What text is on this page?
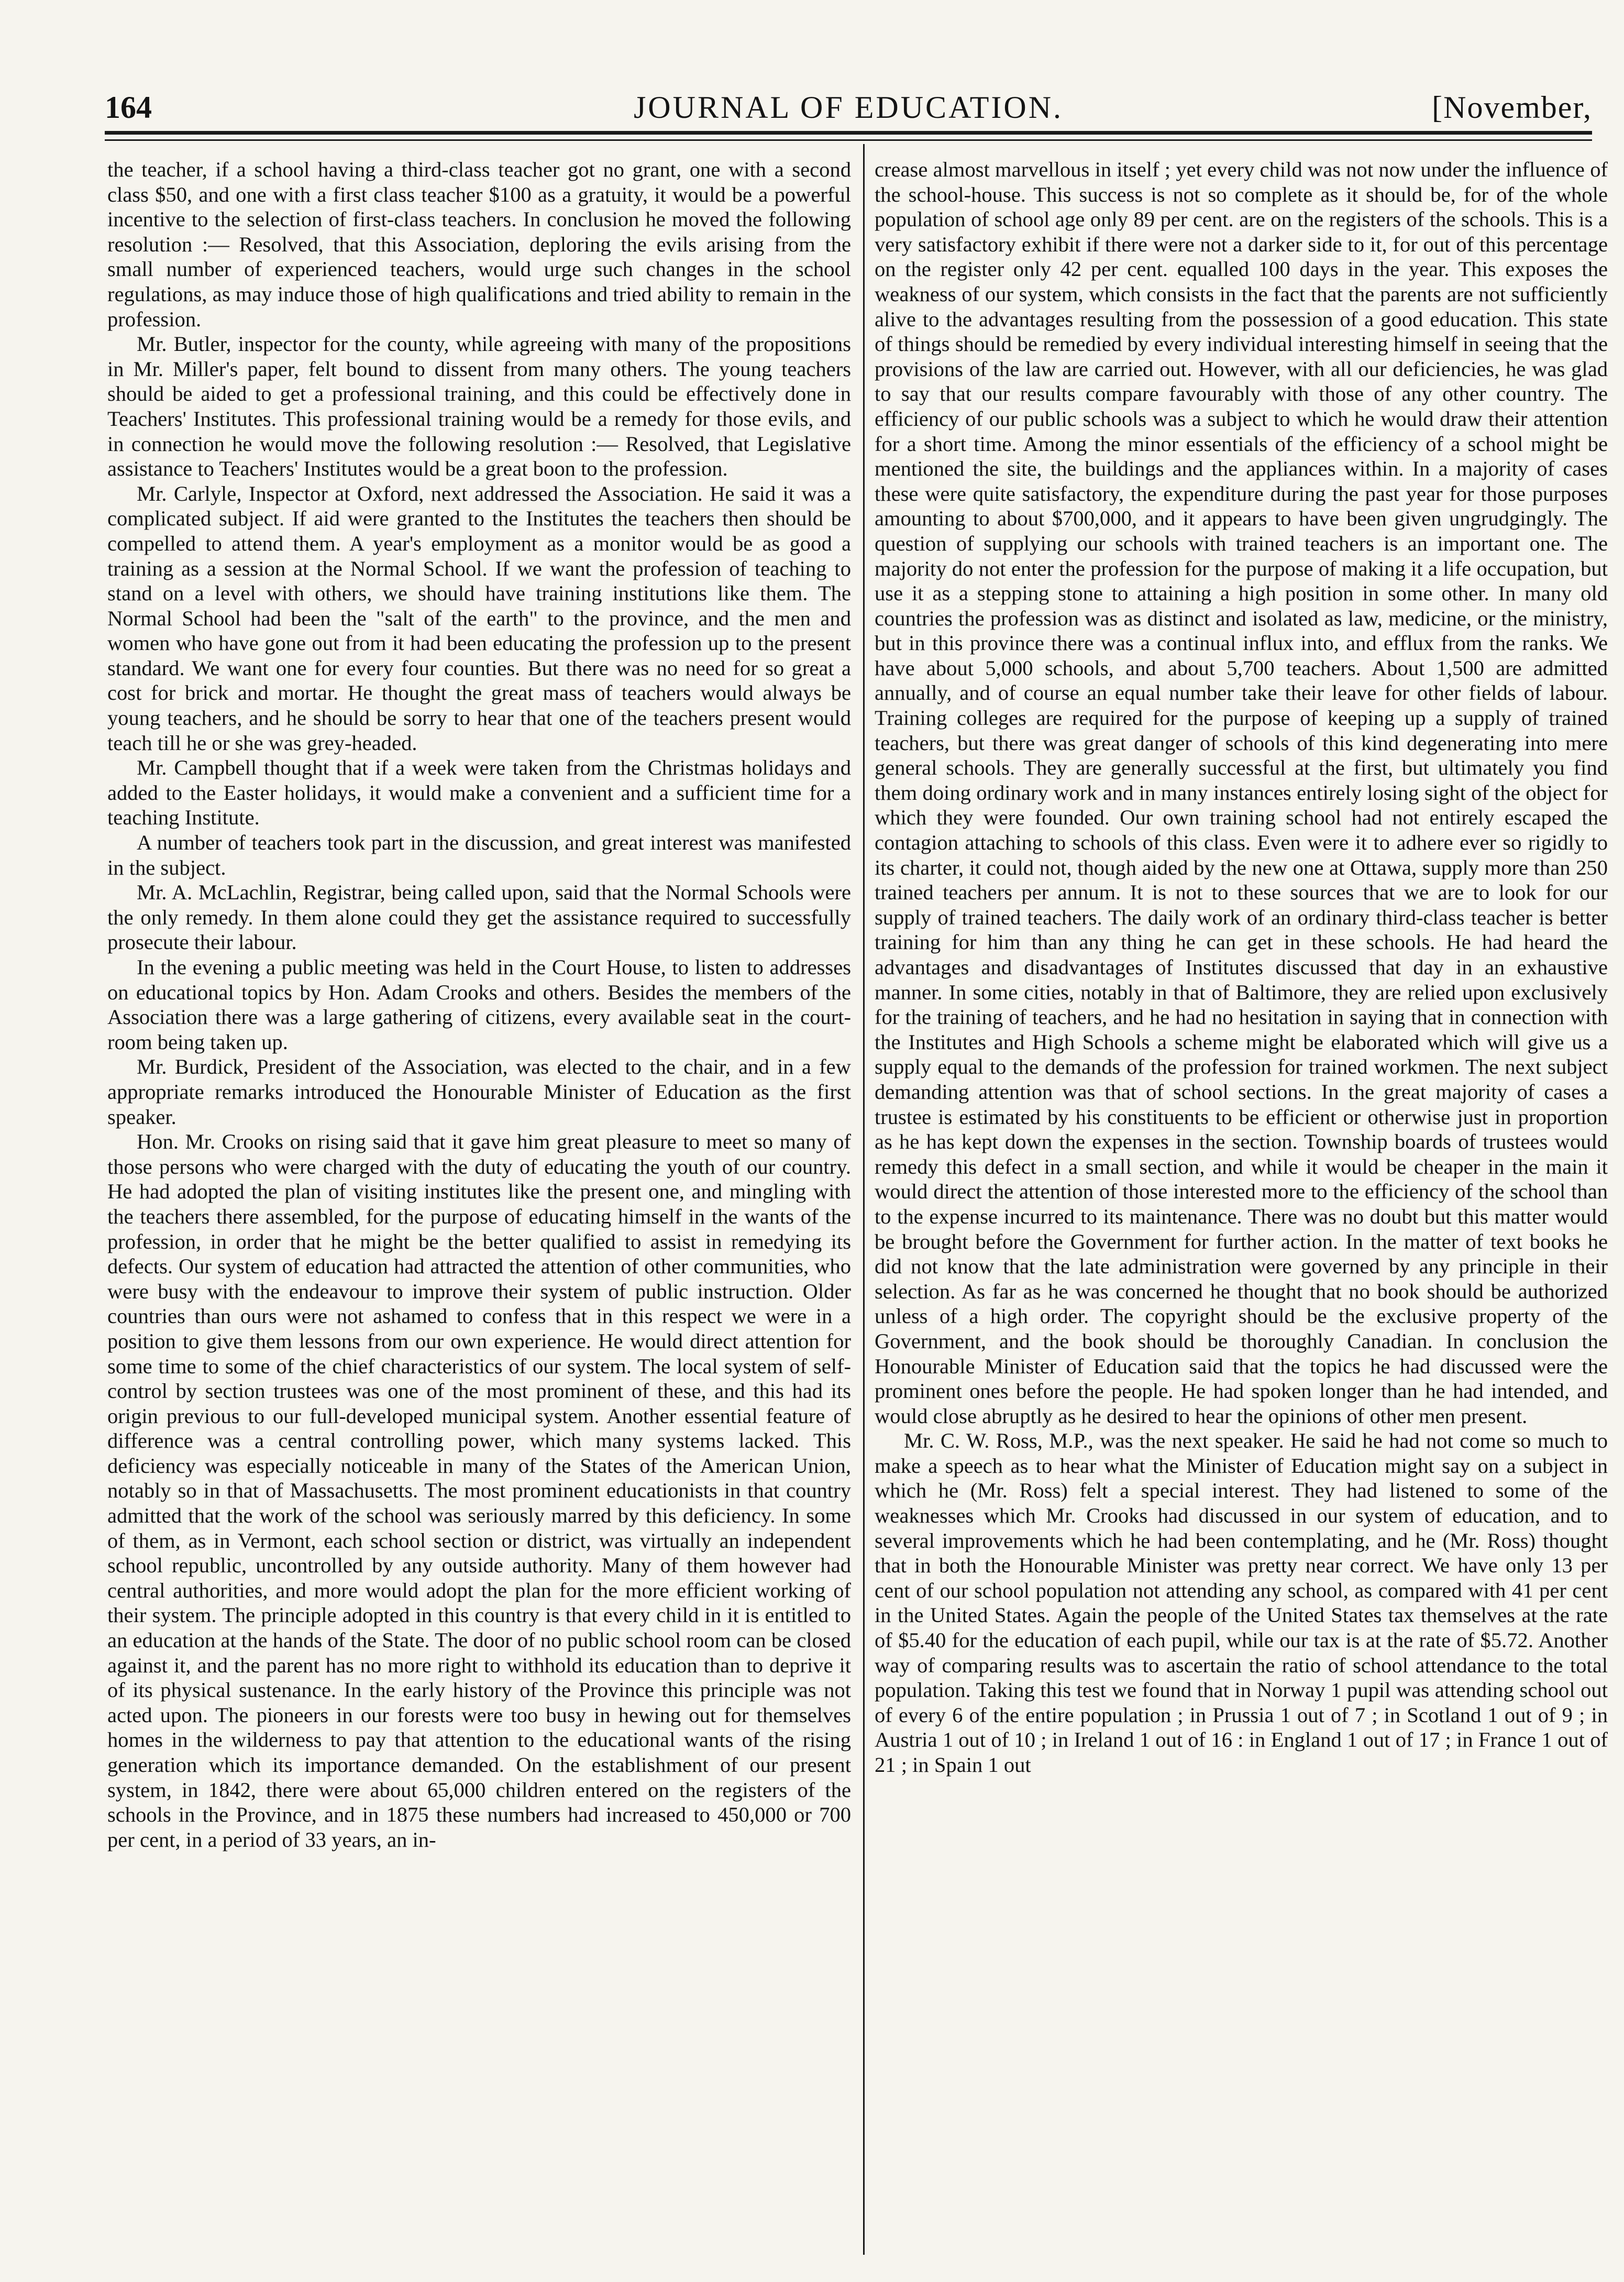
164	JOURNAL OF EDUCATION.	[November,

the teacher, if a school having a third-class teacher got no grant, one with a second class $50, and one with a first class teacher $100 as a gratuity, it would be a powerful incentive to the selection of first-class teachers. In conclusion he moved the following resolution :— Resolved, that this Association, deploring the evils arising from the small number of experienced teachers, would urge such changes in the school regulations, as may induce those of high qualifications and tried ability to remain in the profession.

Mr. Butler, inspector for the county, while agreeing with many of the propositions in Mr. Miller's paper, felt bound to dissent from many others. The young teachers should be aided to get a professional training, and this could be effectively done in Teachers' Institutes. This professional training would be a remedy for those evils, and in connection he would move the following resolution :— Resolved, that Legislative assistance to Teachers' Institutes would be a great boon to the profession.

Mr. Carlyle, Inspector at Oxford, next addressed the Association. He said it was a complicated subject. If aid were granted to the Institutes the teachers then should be compelled to attend them. A year's employment as a monitor would be as good a training as a session at the Normal School. If we want the profession of teaching to stand on a level with others, we should have training institutions like them. The Normal School had been the "salt of the earth" to the province, and the men and women who have gone out from it had been educating the profession up to the present standard. We want one for every four counties. But there was no need for so great a cost for brick and mortar. He thought the great mass of teachers would always be young teachers, and he should be sorry to hear that one of the teachers present would teach till he or she was grey-headed.

Mr. Campbell thought that if a week were taken from the Christmas holidays and added to the Easter holidays, it would make a convenient and a sufficient time for a teaching Institute.

A number of teachers took part in the discussion, and great interest was manifested in the subject.

Mr. A. McLachlin, Registrar, being called upon, said that the Normal Schools were the only remedy. In them alone could they get the assistance required to successfully prosecute their labour.

In the evening a public meeting was held in the Court House, to listen to addresses on educational topics by Hon. Adam Crooks and others. Besides the members of the Association there was a large gathering of citizens, every available seat in the court-room being taken up.

Mr. Burdick, President of the Association, was elected to the chair, and in a few appropriate remarks introduced the Honourable Minister of Education as the first speaker.

Hon. Mr. Crooks on rising said that it gave him great pleasure to meet so many of those persons who were charged with the duty of educating the youth of our country. He had adopted the plan of visiting institutes like the present one, and mingling with the teachers there assembled, for the purpose of educating himself in the wants of the profession, in order that he might be the better qualified to assist in remedying its defects. Our system of education had attracted the attention of other communities, who were busy with the endeavour to improve their system of public instruction. Older countries than ours were not ashamed to confess that in this respect we were in a position to give them lessons from our own experience. He would direct attention for some time to some of the chief characteristics of our system. The local system of self-control by section trustees was one of the most prominent of these, and this had its origin previous to our full-developed municipal system. Another essential feature of difference was a central controlling power, which many systems lacked. This deficiency was especially noticeable in many of the States of the American Union, notably so in that of Massachusetts. The most prominent educationists in that country admitted that the work of the school was seriously marred by this deficiency. In some of them, as in Vermont, each school section or district, was virtually an independent school republic, uncontrolled by any outside authority. Many of them however had central authorities, and more would adopt the plan for the more efficient working of their system. The principle adopted in this country is that every child in it is entitled to an education at the hands of the State. The door of no public school room can be closed against it, and the parent has no more right to withhold its education than to deprive it of its physical sustenance. In the early history of the Province this principle was not acted upon. The pioneers in our forests were too busy in hewing out for themselves homes in the wilderness to pay that attention to the educational wants of the rising generation which its importance demanded. On the establishment of our present system, in 1842, there were about 65,000 children entered on the registers of the schools in the Province, and in 1875 these numbers had increased to 450,000 or 700 per cent, in a period of 33 years, an in-

crease almost marvellous in itself ; yet every child was not now under the influence of the school-house. This success is not so complete as it should be, for of the whole population of school age only 89 per cent. are on the registers of the schools. This is a very satisfactory exhibit if there were not a darker side to it, for out of this percentage on the register only 42 per cent. equalled 100 days in the year. This exposes the weakness of our system, which consists in the fact that the parents are not sufficiently alive to the advantages resulting from the possession of a good education. This state of things should be remedied by every individual interesting himself in seeing that the provisions of the law are carried out. However, with all our deficiencies, he was glad to say that our results compare favourably with those of any other country. The efficiency of our public schools was a subject to which he would draw their attention for a short time. Among the minor essentials of the efficiency of a school might be mentioned the site, the buildings and the appliances within. In a majority of cases these were quite satisfactory, the expenditure during the past year for those purposes amounting to about $700,000, and it appears to have been given ungrudgingly. The question of supplying our schools with trained teachers is an important one. The majority do not enter the profession for the purpose of making it a life occupation, but use it as a stepping stone to attaining a high position in some other. In many old countries the profession was as distinct and isolated as law, medicine, or the ministry, but in this province there was a continual influx into, and efflux from the ranks. We have about 5,000 schools, and about 5,700 teachers. About 1,500 are admitted annually, and of course an equal number take their leave for other fields of labour. Training colleges are required for the purpose of keeping up a supply of trained teachers, but there was great danger of schools of this kind degenerating into mere general schools. They are generally successful at the first, but ultimately you find them doing ordinary work and in many instances entirely losing sight of the object for which they were founded. Our own training school had not entirely escaped the contagion attaching to schools of this class. Even were it to adhere ever so rigidly to its charter, it could not, though aided by the new one at Ottawa, supply more than 250 trained teachers per annum. It is not to these sources that we are to look for our supply of trained teachers. The daily work of an ordinary third-class teacher is better training for him than any thing he can get in these schools. He had heard the advantages and disadvantages of Institutes discussed that day in an exhaustive manner. In some cities, notably in that of Baltimore, they are relied upon exclusively for the training of teachers, and he had no hesitation in saying that in connection with the Institutes and High Schools a scheme might be elaborated which will give us a supply equal to the demands of the profession for trained workmen. The next subject demanding attention was that of school sections. In the great majority of cases a trustee is estimated by his constituents to be efficient or otherwise just in proportion as he has kept down the expenses in the section. Township boards of trustees would remedy this defect in a small section, and while it would be cheaper in the main it would direct the attention of those interested more to the efficiency of the school than to the expense incurred to its maintenance. There was no doubt but this matter would be brought before the Government for further action. In the matter of text books he did not know that the late administration were governed by any principle in their selection. As far as he was concerned he thought that no book should be authorized unless of a high order. The copyright should be the exclusive property of the Government, and the book should be thoroughly Canadian. In conclusion the Honourable Minister of Education said that the topics he had discussed were the prominent ones before the people. He had spoken longer than he had intended, and would close abruptly as he desired to hear the opinions of other men present.

Mr. C. W. Ross, M.P., was the next speaker. He said he had not come so much to make a speech as to hear what the Minister of Education might say on a subject in which he (Mr. Ross) felt a special interest. They had listened to some of the weaknesses which Mr. Crooks had discussed in our system of education, and to several improvements which he had been contemplating, and he (Mr. Ross) thought that in both the Honourable Minister was pretty near correct. We have only 13 per cent of our school population not attending any school, as compared with 41 per cent in the United States. Again the people of the United States tax themselves at the rate of $5.40 for the education of each pupil, while our tax is at the rate of $5.72. Another way of comparing results was to ascertain the ratio of school attendance to the total population. Taking this test we found that in Norway 1 pupil was attending school out of every 6 of the entire population ; in Prussia 1 out of 7 ; in Scotland 1 out of 9 ; in Austria 1 out of 10 ; in Ireland 1 out of 16 : in England 1 out of 17 ; in France 1 out of 21 ; in Spain 1 out
